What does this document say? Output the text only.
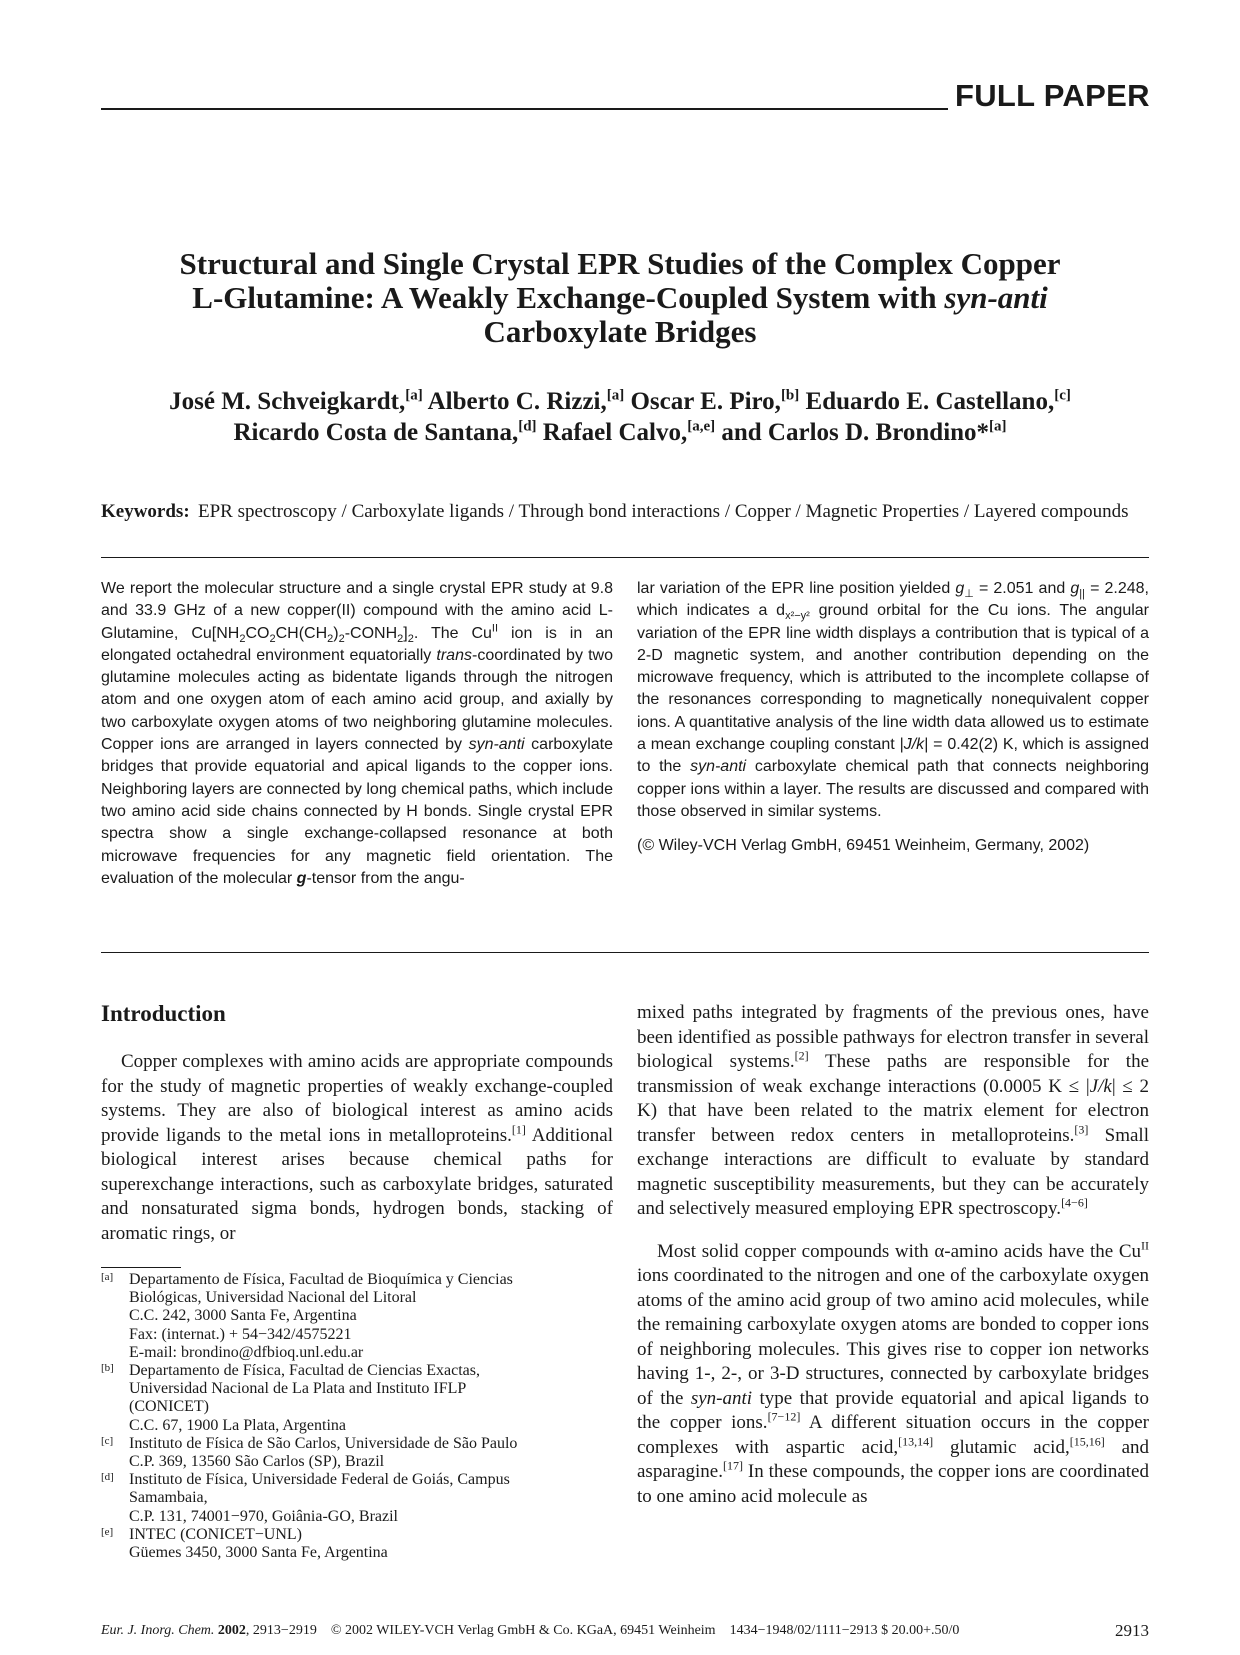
FULL PAPER
Structural and Single Crystal EPR Studies of the Complex Copper
L-Glutamine: A Weakly Exchange-Coupled System with syn-anti
Carboxylate Bridges
José M. Schveigkardt,[a] Alberto C. Rizzi,[a] Oscar E. Piro,[b] Eduardo E. Castellano,[c]
Ricardo Costa de Santana,[d] Rafael Calvo,[a,e] and Carlos D. Brondino*[a]
Keywords: EPR spectroscopy / Carboxylate ligands / Through bond interactions / Copper / Magnetic Properties / Layered compounds

We report the molecular structure and a single crystal EPR study at 9.8 and 33.9 GHz of a new copper(II) compound with the amino acid L-Glutamine, $Cu[NH_2CO_2CH(CH_2)_2-CONH_2]_2$. The $Cu^{II}$ ion is in an elongated octahedral environment equatorially trans-coordinated by two glutamine molecules acting as bidentate ligands through the nitrogen atom and one oxygen atom of each amino acid group, and axially by two carboxylate oxygen atoms of two neighboring glutamine molecules. Copper ions are arranged in layers connected by syn-anti carboxylate bridges that provide equatorial and apical ligands to the copper ions. Neighboring layers are connected by long chemical paths, which include two amino acid side chains connected by H bonds. Single crystal EPR spectra show a single exchange-collapsed resonance at both microwave frequencies for any magnetic field orientation. The evaluation of the molecular g-tensor from the angu-

lar variation of the EPR line position yielded $g_\perp = 2.051$ and $g_{||} = 2.248$, which indicates a $d_{x^2-y^2}$ ground orbital for the Cu ions. The angular variation of the EPR line width displays a contribution that is typical of a 2-D magnetic system, and another contribution depending on the microwave frequency, which is attributed to the incomplete collapse of the resonances corresponding to magnetically nonequivalent copper ions. A quantitative analysis of the line width data allowed us to estimate a mean exchange coupling constant |J/k| = 0.42(2) K, which is assigned to the syn-anti carboxylate chemical path that connects neighboring copper ions within a layer. The results are discussed and compared with those observed in similar systems.

(© Wiley-VCH Verlag GmbH, 69451 Weinheim, Germany, 2002)

Introduction

Copper complexes with amino acids are appropriate compounds for the study of magnetic properties of weakly exchange-coupled systems. They are also of biological interest as amino acids provide ligands to the metal ions in metalloproteins.[1] Additional biological interest arises because chemical paths for superexchange interactions, such as carboxylate bridges, saturated and nonsaturated sigma bonds, hydrogen bonds, stacking of aromatic rings, or

mixed paths integrated by fragments of the previous ones, have been identified as possible pathways for electron transfer in several biological systems.[2] These paths are responsible for the transmission of weak exchange interactions (0.0005 K ≤ |J/k| ≤ 2 K) that have been related to the matrix element for electron transfer between redox centers in metalloproteins.[3] Small exchange interactions are difficult to evaluate by standard magnetic susceptibility measurements, but they can be accurately and selectively measured employing EPR spectroscopy.[4−6]

Most solid copper compounds with α-amino acids have the $Cu^{II}$ ions coordinated to the nitrogen and one of the carboxylate oxygen atoms of the amino acid group of two amino acid molecules, while the remaining carboxylate oxygen atoms are bonded to copper ions of neighboring molecules. This gives rise to copper ion networks having 1-, 2-, or 3-D structures, connected by carboxylate bridges of the syn-anti type that provide equatorial and apical ligands to the copper ions.[7−12] A different situation occurs in the copper complexes with aspartic acid,[13,14] glutamic acid,[15,16] and asparagine.[17] In these compounds, the copper ions are coordinated to one amino acid molecule as

[a] Departamento de Física, Facultad de Bioquímica y Ciencias
Biológicas, Universidad Nacional del Litoral
C.C. 242, 3000 Santa Fe, Argentina
Fax: (internat.) + 54−342/4575221
E-mail: brondino@dfbioq.unl.edu.ar
[b] Departamento de Física, Facultad de Ciencias Exactas,
Universidad Nacional de La Plata and Instituto IFLP
(CONICET)
C.C. 67, 1900 La Plata, Argentina
[c] Instituto de Física de São Carlos, Universidade de São Paulo
C.P. 369, 13560 São Carlos (SP), Brazil
[d] Instituto de Física, Universidade Federal de Goiás, Campus
Samambaia,
C.P. 131, 74001−970, Goiânia-GO, Brazil
[e] INTEC (CONICET−UNL)
Güemes 3450, 3000 Santa Fe, Argentina
Eur. J. Inorg. Chem. 2002, 2913−2919 © 2002 WILEY-VCH Verlag GmbH & Co. KGaA, 69451 Weinheim 1434−1948/02/1111−2913 $ 20.00+.50/0	2913
